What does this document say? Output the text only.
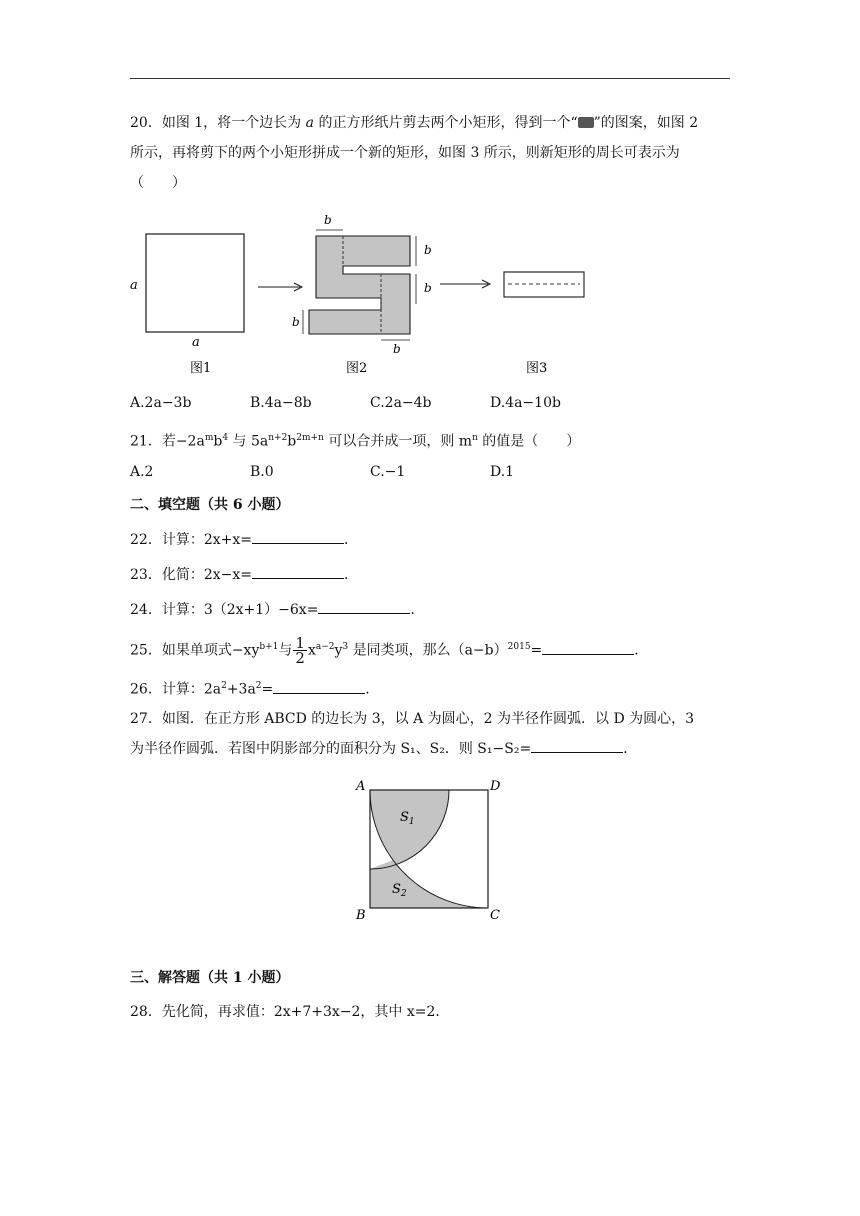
20．如图 1，将一个边长为 a 的正方形纸片剪去两个小矩形，得到一个“ ”的图案，如图 2
所示，再将剪下的两个小矩形拼成一个新的矩形，如图 3 所示，则新矩形的周长可表示为
（　　）
a
a
图1
b
b
b
b
b
图2	图3
A.2a−3b	B.4a−8b	C.2a−4b	D.4a−10b
21．若$-2a^mb^4$ 与 $5a^{n+2}b^{2m+n}$ 可以合并成一项，则 $m^n$ 的值是（　　）
A.2	B.0	C.−1	D.1
二、填空题（共 6 小题）
22．计算：2x+x=	．
23．化简：2x−x=	．
24．计算：3（2x+1）−6x=	．
25．如果单项式$-xy^{b+1}$与 $\frac{1}{2} x^{a-2}y^3$ 是同类项，那么$(a-b)^{2015}=$	．
26．计算：$2a^2+3a^2=$	．
27．如图．在正方形 ABCD 的边长为 3，以 A 为圆心，2 为半径作圆弧．以 D 为圆心，3
为半径作圆弧．若图中阴影部分的面积分为 S₁、S₂．则 S₁−S₂=	．
A	D
B	C
$S_1$
$S_2$
三、解答题（共 1 小题）
28．先化简，再求值：2x+7+3x−2，其中 x=2．
